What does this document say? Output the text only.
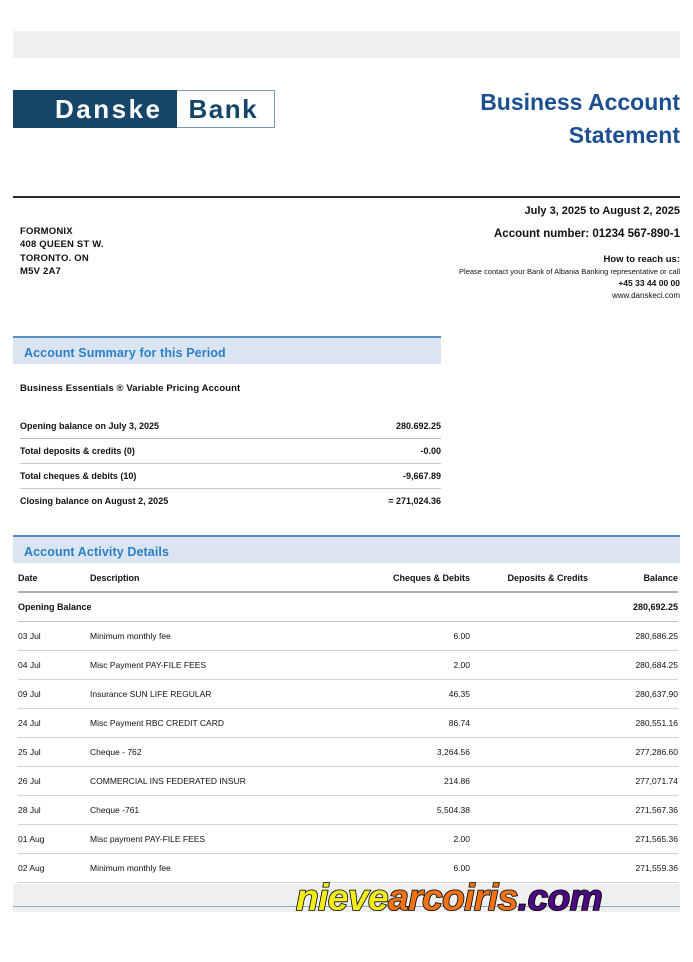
Danske	Bank	Business Account
Statement
FORMONIX
408 QUEEN ST W.
TORONTO. ON
M5V 2A7
July 3, 2025 to August 2, 2025
Account number: 01234 567-890-1
How to reach us:
Please contact your Bank of Albania Banking representative or call
+45 33 44 00 00
www.danskeci.com
Account Summary for this Period
Business Essentials ® Variable Pricing Account
Opening balance on July 3, 2025	280.692.25
Total deposits & credits (0)	-0.00
Total cheques & debits (10)	-9,667.89
Closing balance on August 2, 2025	= 271,024.36
Account Activity Details
Date	Description	Cheques & Debits	Deposits & Credits	Balance
Opening Balance				280,692.25
03 Jul	Minimum monthly fee	6.00		280,686.25
04 Jul	Misc Payment PAY-FILE FEES	2.00		280,684.25
09 Jul	Insurance SUN LIFE REGULAR	46.35		280,637.90
24 Jul	Misc Payment RBC CREDIT CARD	86.74		280,551.16
25 Jul	Cheque - 762	3,264.56		277,286.60
26 Jul	COMMERCIAL INS FEDERATED INSUR	214.86		277,071.74
28 Jul	Cheque -761	5,504.38		271,567.36
01 Aug	Misc payment PAY-FILE FEES	2.00		271,565.36
02 Aug	Minimum monthly fee	6.00		271,559.36
nievearcoiris.com
